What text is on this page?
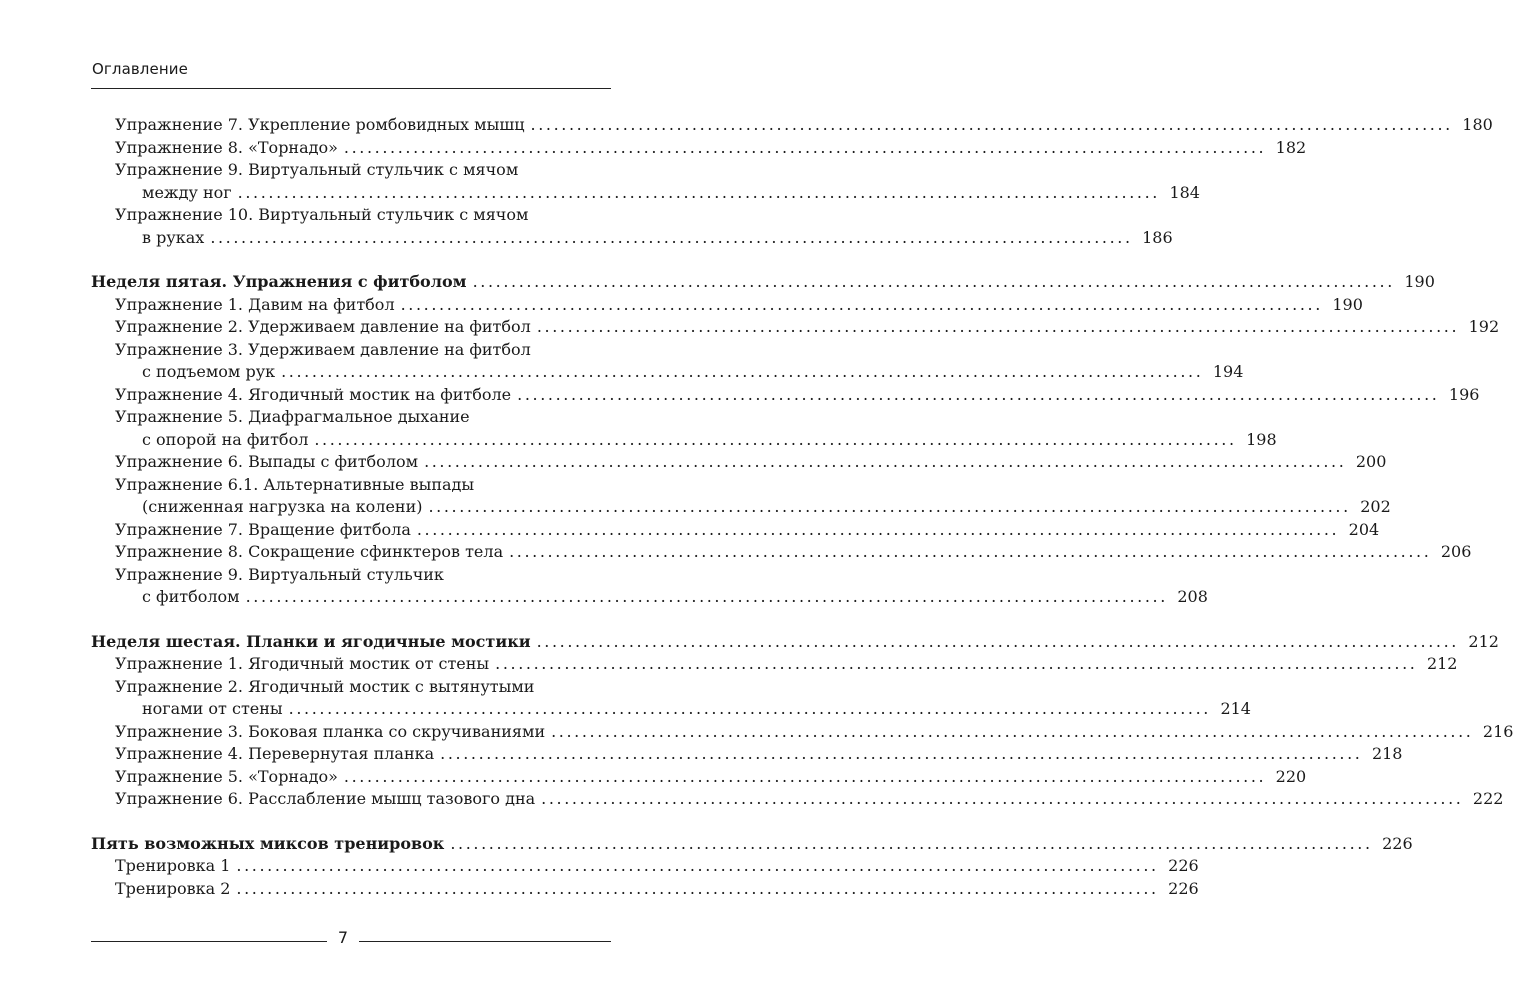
Оглавление
Упражнение 7. Укрепление ромбовидных мышц ........................................................................................................................ 180
Упражнение 8. «Торнадо» ........................................................................................................................ 182
Упражнение 9. Виртуальный стульчик с мячом
между ног ........................................................................................................................ 184
Упражнение 10. Виртуальный стульчик с мячом
в руках ........................................................................................................................ 186
Неделя пятая. Упражнения с фитболом ........................................................................................................................ 190
Упражнение 1. Давим на фитбол ........................................................................................................................ 190
Упражнение 2. Удерживаем давление на фитбол ........................................................................................................................ 192
Упражнение 3. Удерживаем давление на фитбол
с подъемом рук ........................................................................................................................ 194
Упражнение 4. Ягодичный мостик на фитболе ........................................................................................................................ 196
Упражнение 5. Диафрагмальное дыхание
с опорой на фитбол ........................................................................................................................ 198
Упражнение 6. Выпады с фитболом ........................................................................................................................ 200
Упражнение 6.1. Альтернативные выпады
(сниженная нагрузка на колени) ........................................................................................................................ 202
Упражнение 7. Вращение фитбола ........................................................................................................................ 204
Упражнение 8. Сокращение сфинктеров тела ........................................................................................................................ 206
Упражнение 9. Виртуальный стульчик
с фитболом ........................................................................................................................ 208
Неделя шестая. Планки и ягодичные мостики ........................................................................................................................ 212
Упражнение 1. Ягодичный мостик от стены ........................................................................................................................ 212
Упражнение 2. Ягодичный мостик с вытянутыми
ногами от стены ........................................................................................................................ 214
Упражнение 3. Боковая планка со скручиваниями ........................................................................................................................ 216
Упражнение 4. Перевернутая планка ........................................................................................................................ 218
Упражнение 5. «Торнадо» ........................................................................................................................ 220
Упражнение 6. Расслабление мышц тазового дна ........................................................................................................................ 222
Пять возможных миксов тренировок ........................................................................................................................ 226
Тренировка 1 ........................................................................................................................ 226
Тренировка 2 ........................................................................................................................ 226
7
